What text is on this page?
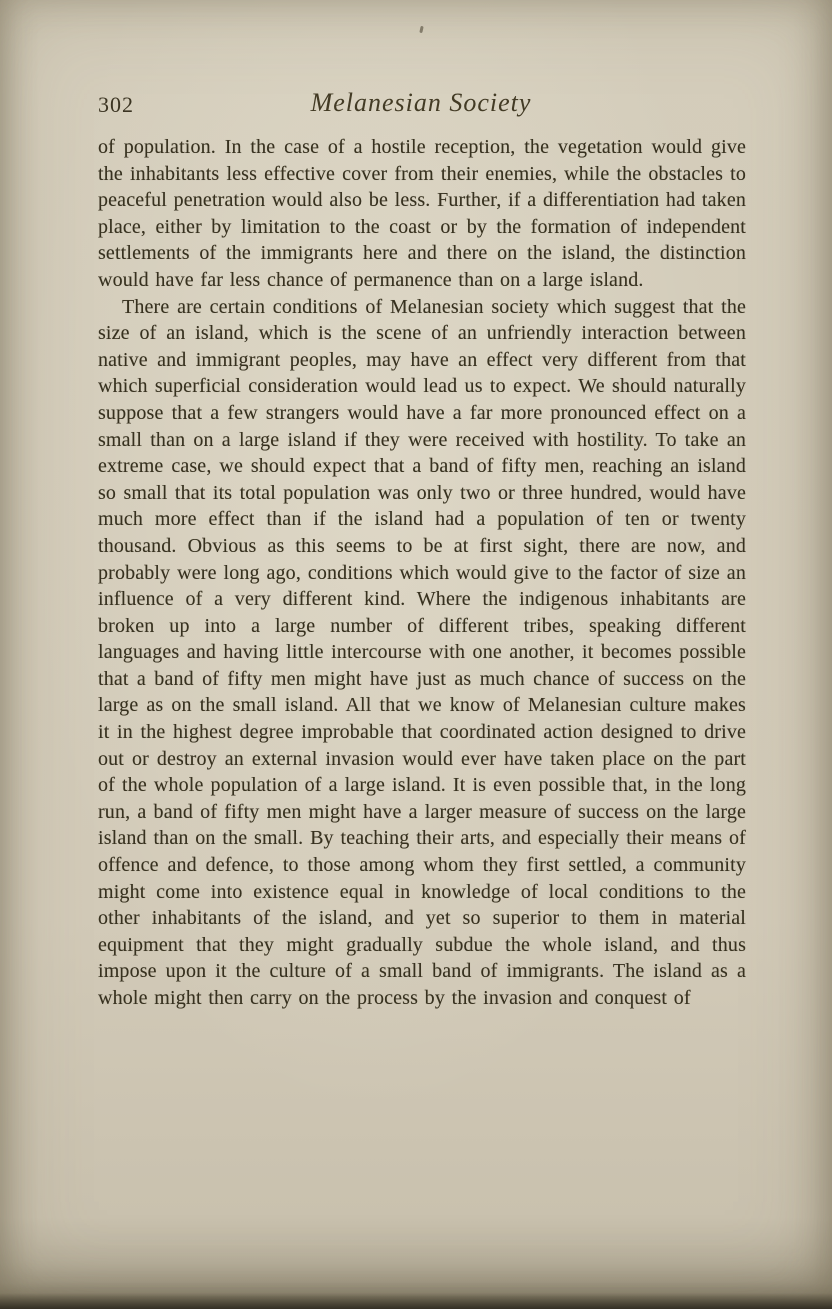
302	Melanesian Society

of population. In the case of a hostile reception, the vegetation would give the inhabitants less effective cover from their enemies, while the obstacles to peaceful penetration would also be less. Further, if a differentiation had taken place, either by limitation to the coast or by the formation of independent settlements of the immigrants here and there on the island, the distinction would have far less chance of permanence than on a large island.

There are certain conditions of Melanesian society which suggest that the size of an island, which is the scene of an unfriendly interaction between native and immigrant peoples, may have an effect very different from that which superficial consideration would lead us to expect. We should naturally suppose that a few strangers would have a far more pronounced effect on a small than on a large island if they were received with hostility. To take an extreme case, we should expect that a band of fifty men, reaching an island so small that its total population was only two or three hundred, would have much more effect than if the island had a population of ten or twenty thousand. Obvious as this seems to be at first sight, there are now, and probably were long ago, conditions which would give to the factor of size an influence of a very different kind. Where the indigenous inhabitants are broken up into a large number of different tribes, speaking different languages and having little intercourse with one another, it becomes possible that a band of fifty men might have just as much chance of success on the large as on the small island. All that we know of Melanesian culture makes it in the highest degree improbable that coordinated action designed to drive out or destroy an external invasion would ever have taken place on the part of the whole population of a large island. It is even possible that, in the long run, a band of fifty men might have a larger measure of success on the large island than on the small. By teaching their arts, and especially their means of offence and defence, to those among whom they first settled, a community might come into existence equal in knowledge of local conditions to the other inhabitants of the island, and yet so superior to them in material equipment that they might gradually subdue the whole island, and thus impose upon it the culture of a small band of immigrants. The island as a whole might then carry on the process by the invasion and conquest of
